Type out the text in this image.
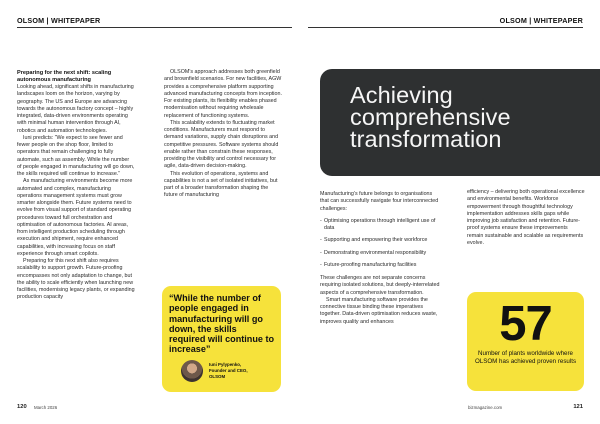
OLSOM | WHITEPAPER
Preparing for the next shift: scaling autonomous manufacturing

Looking ahead, significant shifts in manufacturing landscapes loom on the horizon, varying by geography. The US and Europe are advancing towards the autonomous factory concept – highly integrated, data-driven environments operating with minimal human intervention through AI, robotics and automation technologies.

Iuni predicts: “We expect to see fewer and fewer people on the shop floor, limited to operators that remain challenging to fully automate, such as assembly. While the number of people engaged in manufacturing will go down, the skills required will continue to increase.”

As manufacturing environments become more automated and complex, manufacturing operations management systems must grow smarter alongside them. Future systems need to evolve from visual support of standard operating procedures toward full orchestration and optimisation of autonomous factories. AI areas, from intelligent production scheduling through execution and shipment, require enhanced capabilities, with increasing focus on staff experience through smart copilots.

Preparing for this next shift also requires scalability to support growth. Future-proofing encompasses not only adaptation to change, but the ability to scale efficiently when launching new facilities, modernising legacy plants, or expanding production capacity

OLSOM’s approach addresses both greenfield and brownfield scenarios. For new facilities, AGW provides a comprehensive platform supporting advanced manufacturing concepts from inception. For existing plants, its flexibility enables phased modernisation without requiring wholesale replacement of functioning systems.

This scalability extends to fluctuating market conditions. Manufacturers must respond to demand variations, supply chain disruptions and competitive pressures. Software systems should enable rather than constrain these responses, providing the visibility and control necessary for agile, data-driven decision-making.

This evolution of operations, systems and capabilities is not a set of isolated initiatives, but part of a broader transformation shaping the future of manufacturing

“While the number of people engaged in manufacturing will go down, the skills required will continue to increase”
Iuni Pylypenko,
Founder and CEO,
OLSOM
120 March 2026
OLSOM | WHITEPAPER
Achieving
comprehensive
transformation

Manufacturing’s future belongs to organisations that can successfully navigate four interconnected challenges:

- Optimising operations through intelligent use of data
- Supporting and empowering their workforce
- Demonstrating environmental responsibility
- Future-proofing manufacturing facilities

These challenges are not separate concerns requiring isolated solutions, but deeply-interrelated aspects of a comprehensive transformation.

Smart manufacturing software provides the connective tissue binding these imperatives together. Data-driven optimisation reduces waste, improves quality and enhances

efficiency – delivering both operational excellence and environmental benefits. Workforce empowerment through thoughtful technology implementation addresses skills gaps while improving job satisfaction and retention. Future-proof systems ensure these improvements remain sustainable and scalable as requirements evolve.

57
Number of plants worldwide where OLSOM has achieved proven results
bizmagazine.com	121
